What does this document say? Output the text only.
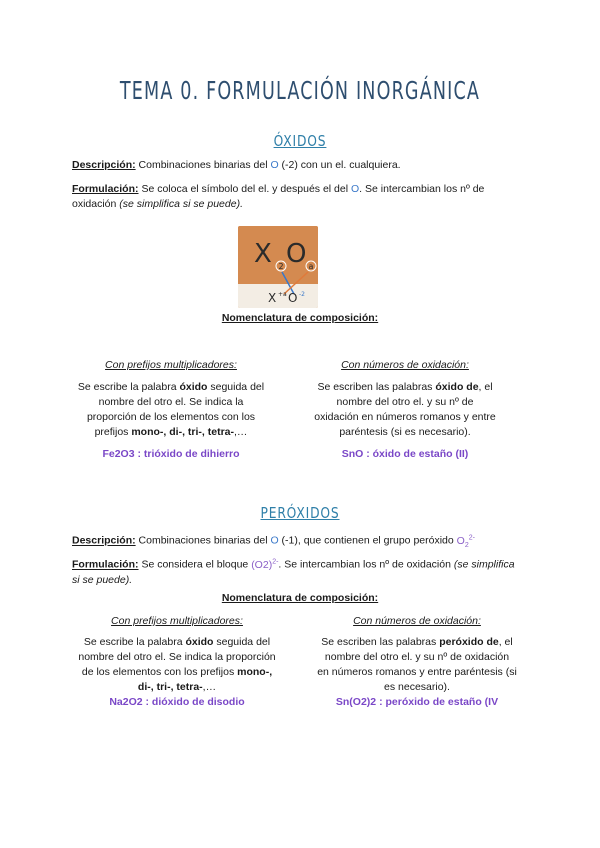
TEMA 0. FORMULACIÓN INORGÁNICA
ÓXIDOS
Descripción: Combinaciones binarias del O (-2) con un el. cualquiera.
Formulación: Se coloca el símbolo del el. y después el del O. Se intercambian los nº de
oxidación (se simplifica si se puede).
X O
2	a
X +a O -2
Nomenclatura de composición:
Con prefijos multiplicadores:
Se escribe la palabra óxido seguida del
nombre del otro el. Se indica la
proporción de los elementos con los
prefijos mono-, di-, tri-, tetra-,…
Fe2O3 : trióxido de dihierro
Con números de oxidación:
Se escriben las palabras óxido de, el
nombre del otro el. y su nº de
oxidación en números romanos y entre
paréntesis (si es necesario).
SnO : óxido de estaño (II)
PERÓXIDOS
Descripción: Combinaciones binarias del O (-1), que contienen el grupo peróxido $O_2^{2-}$
Formulación: Se considera el bloque $(O2)^{2-}$. Se intercambian los nº de oxidación (se simplifica
si se puede).
Nomenclatura de composición:
Con prefijos multiplicadores:
Se escribe la palabra óxido seguida del
nombre del otro el. Se indica la proporción
de los elementos con los prefijos mono-,
di-, tri-, tetra-,…
Na2O2 : dióxido de disodio
Con números de oxidación:
Se escriben las palabras peróxido de, el
nombre del otro el. y su nº de oxidación
en números romanos y entre paréntesis (si
es necesario).
Sn(O2)2 : peróxido de estaño (IV
